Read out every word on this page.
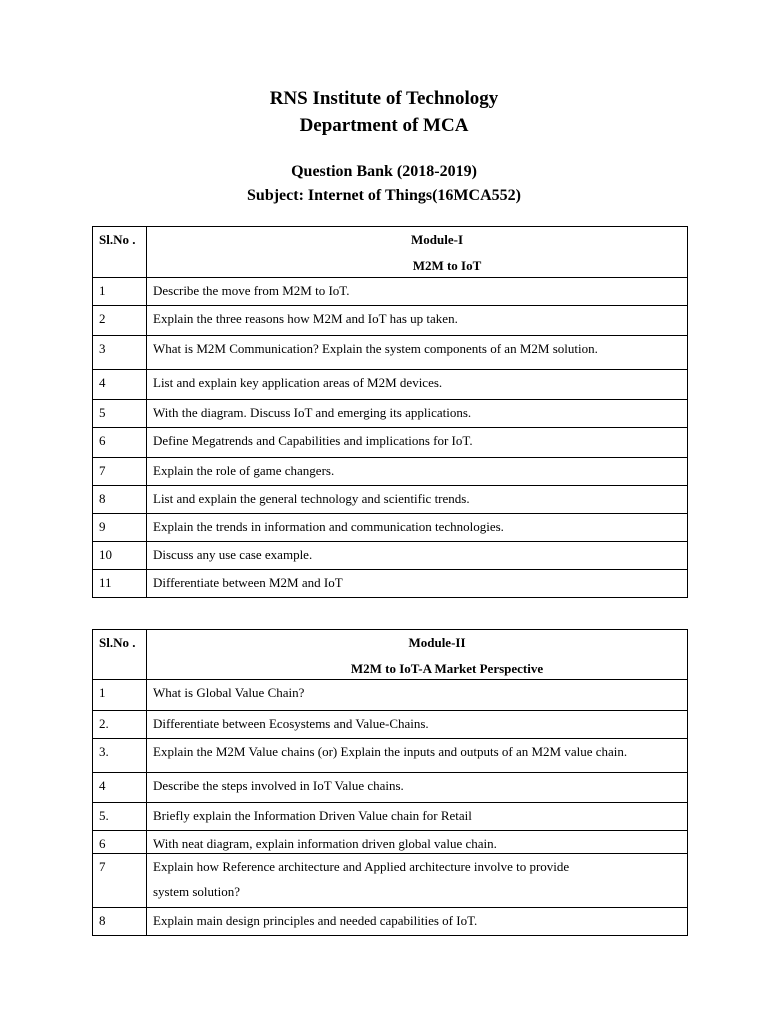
RNS Institute of Technology
Department of MCA
Question Bank (2018-2019)
Subject: Internet of Things(16MCA552)
Sl.No .	Module-I
M2M to IoT

1	Describe the move from M2M to IoT.
2	Explain the three reasons how M2M and IoT has up taken.
3	What is M2M Communication? Explain the system components of an M2M solution.
4	List and explain key application areas of M2M devices.
5	With the diagram. Discuss IoT and emerging its applications.
6	Define Megatrends and Capabilities and implications for IoT.
7	Explain the role of game changers.
8	List and explain the general technology and scientific trends.
9	Explain the trends in information and communication technologies.
10	Discuss any use case example.
11	Differentiate between M2M and IoT
Sl.No .	Module-II
M2M to IoT-A Market Perspective

1	What is Global Value Chain?
2.	Differentiate between Ecosystems and Value-Chains.
3.	Explain the M2M Value chains (or) Explain the inputs and outputs of an M2M value chain.
4	Describe the steps involved in IoT Value chains.
5.	Briefly explain the Information Driven Value chain for Retail
6	With neat diagram, explain information driven global value chain.
7	Explain how Reference architecture and Applied architecture involve to provide
system solution?

8	Explain main design principles and needed capabilities of IoT.
